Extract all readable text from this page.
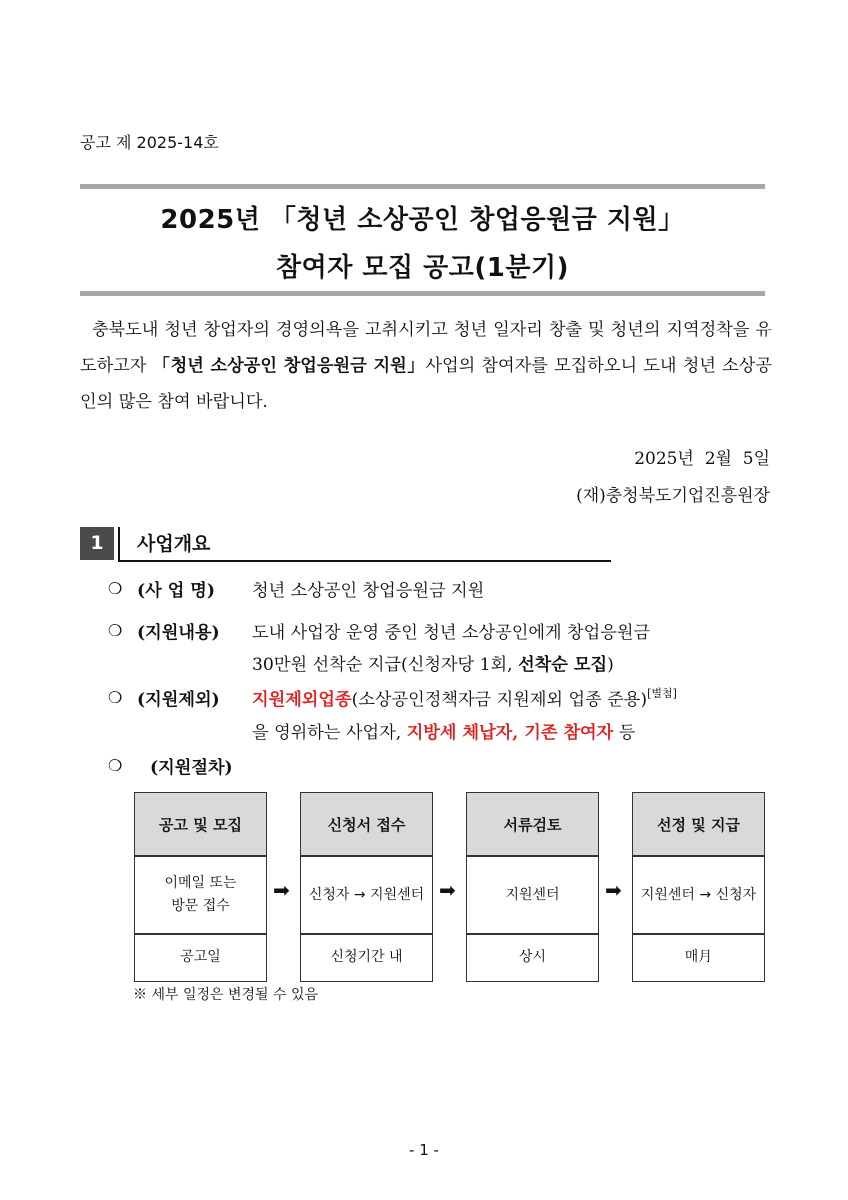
공고 제 2025-14호
2025년 「청년 소상공인 창업응원금 지원」
참여자 모집 공고(1분기)
충북도내 청년 창업자의 경영의욕을 고취시키고 청년 일자리 창출 및 청년의 지역정착을 유도하고자 「청년 소상공인 창업응원금 지원」사업의 참여자를 모집하오니 도내 청년 소상공인의 많은 참여 바랍니다.
2025년  2월  5일
(재)충청북도기업진흥원장
1	사업개요
❍ (사 업 명) 청년 소상공인 창업응원금 지원
❍ (지원내용) 도내 사업장 운영 중인 청년 소상공인에게 창업응원금
30만원 선착순 지급(신청자당 1회, 선착순 모집)
❍ (지원제외) 지원제외업종(소상공인정책자금 지원제외 업종 준용)[별첨]
을 영위하는 사업자, 지방세 체납자, 기존 참여자 등
❍ (지원절차)
공고 및 모집
이메일 또는
방문 접수
공고일
➡
신청서 접수
신청자 → 지원센터
신청기간 내
➡
서류검토
지원센터
상시
➡
선정 및 지급
지원센터 → 신청자
매月
※ 세부 일정은 변경될 수 있음
- 1 -
